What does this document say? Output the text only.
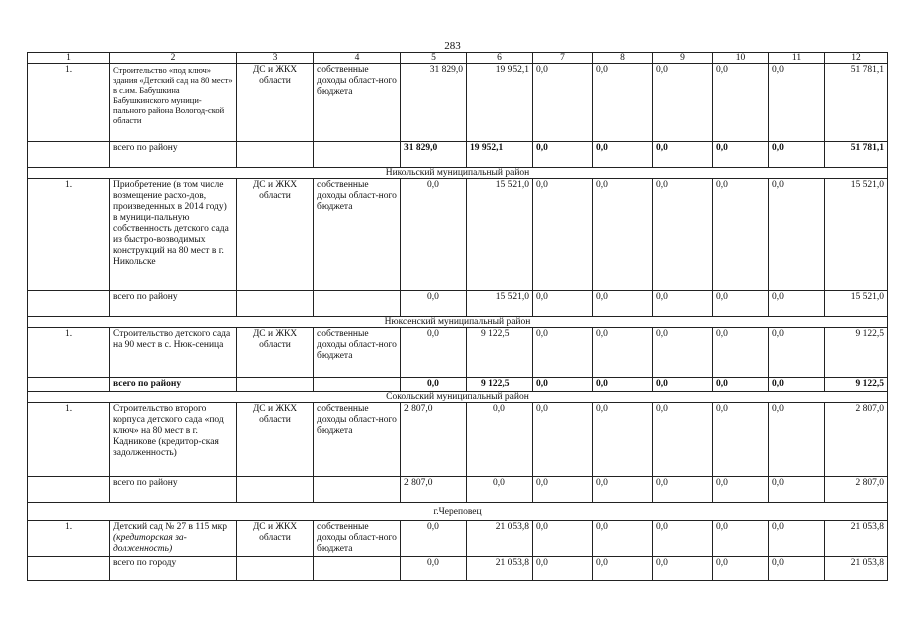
283
1	2	3	4	5	6	7	8	9	10	11	12
1.	Строительство «под ключ» здания «Детский сад на 80 мест» в с.им. Бабушкина Бабушкинского муници-пального района Вологод-ской области	ДС и ЖКХ области	собственные доходы област-ного бюджета	31 829,0	19 952,1	0,0	0,0	0,0	0,0	0,0	51 781,1
	всего по району			31 829,0	19 952,1	0,0	0,0	0,0	0,0	0,0	51 781,1
Никольский муниципальный район											
1.	Приобретение (в том числе возмещение расхо-дов, произведенных в 2014 году) в муници-пальную собственность детского сада из быстро-возводимых конструкций на 80 мест в г. Никольске	ДС и ЖКХ области	собственные доходы област-ного бюджета	0,0	15 521,0	0,0	0,0	0,0	0,0	0,0	15 521,0
	всего по району			0,0	15 521,0	0,0	0,0	0,0	0,0	0,0	15 521,0
Нюксенский муниципальный район											
1.	Строительство детского сада на 90 мест в с. Нюк-сеница	ДС и ЖКХ области	собственные доходы област-ного бюджета	0,0	9 122,5	0,0	0,0	0,0	0,0	0,0	9 122,5
	всего по району			0,0	9 122,5	0,0	0,0	0,0	0,0	0,0	9 122,5
Сокольский муниципальный район											
1.	Строительство второго корпуса детского сада «под ключ» на 80 мест в г. Кадникове (кредитор-ская задолженность)	ДС и ЖКХ области	собственные доходы област-ного бюджета	2 807,0	0,0	0,0	0,0	0,0	0,0	0,0	2 807,0
	всего по району			2 807,0	0,0	0,0	0,0	0,0	0,0	0,0	2 807,0
г.Череповец											
1.	Детский сад № 27 в 115 мкр (кредиторская за-долженность)	ДС и ЖКХ области	собственные доходы област-ного бюджета	0,0	21 053,8	0,0	0,0	0,0	0,0	0,0	21 053,8
	всего по городу			0,0	21 053,8	0,0	0,0	0,0	0,0	0,0	21 053,8
